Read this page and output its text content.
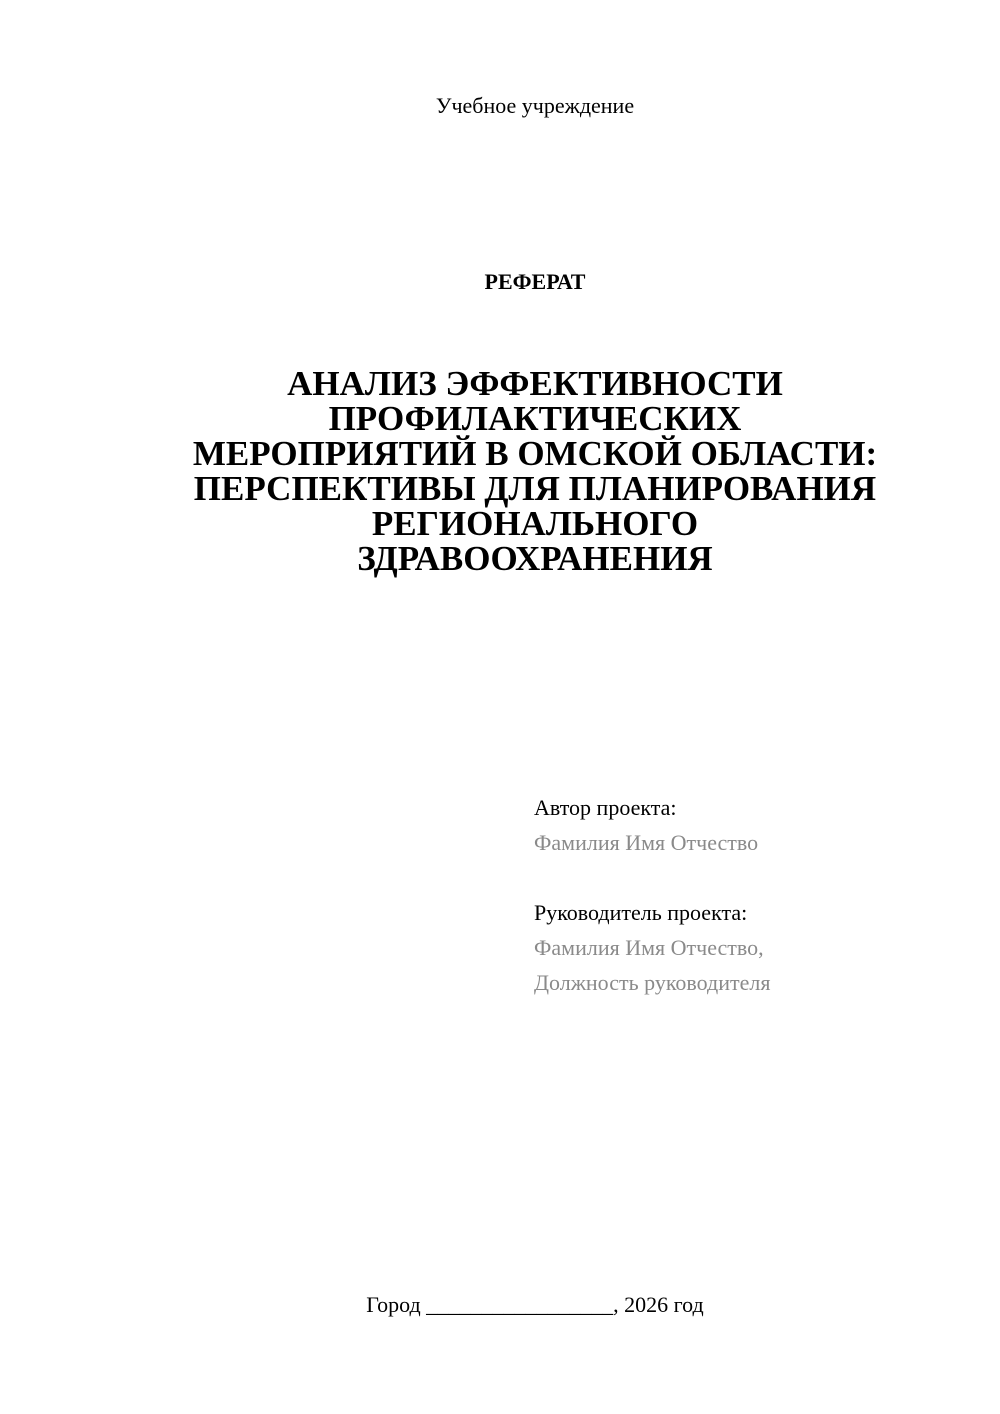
Учебное учреждение
РЕФЕРАТ
АНАЛИЗ ЭФФЕКТИВНОСТИ
ПРОФИЛАКТИЧЕСКИХ
МЕРОПРИЯТИЙ В ОМСКОЙ ОБЛАСТИ:
ПЕРСПЕКТИВЫ ДЛЯ ПЛАНИРОВАНИЯ
РЕГИОНАЛЬНОГО
ЗДРАВООХРАНЕНИЯ
Автор проекта:
Фамилия Имя Отчество
Руководитель проекта:
Фамилия Имя Отчество,
Должность руководителя
Город _________________, 2026 год
